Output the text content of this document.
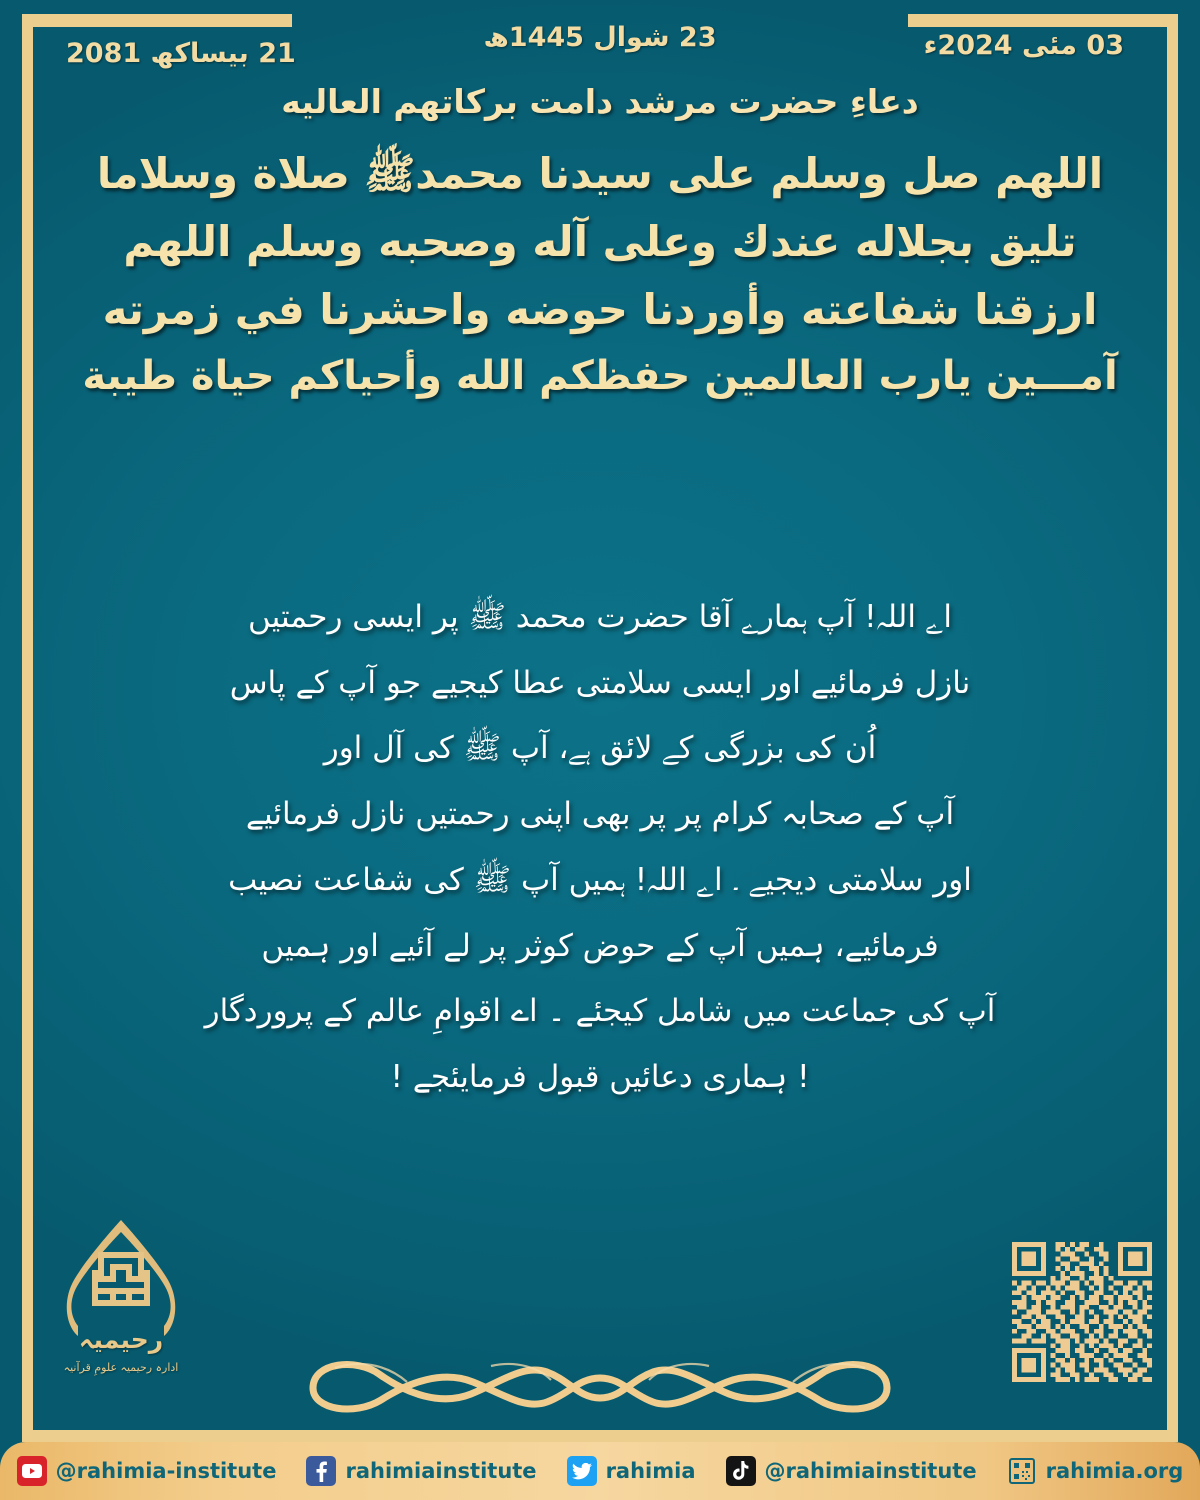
21 بیساکھ 2081
23 شوال 1445ھ	03 مئی 2024ء
دعاءِ حضرت مرشد دامت برکاتهم العالیه
اللهم صل وسلم على سيدنا محمدﷺ صلاة وسلاما
تليق بجلاله عندك وعلى آله وصحبه وسلم اللهم
ارزقنا شفاعته وأوردنا حوضه واحشرنا في زمرته
آمـــين يارب العالمين حفظكم الله وأحياكم حياة طيبة
اے اللہ! آپ ہمارے آقا حضرت محمد ﷺ پر ایسی رحمتیں
نازل فرمائیے اور ایسی سلامتی عطا کیجیے جو آپ کے پاس
اُن کی بزرگی کے لائق ہے، آپ ﷺ کی آل اور
آپ کے صحابہ کرام پر پر بھی اپنی رحمتیں نازل فرمائیے
اور سلامتی دیجیے ۔ اے اللہ! ہمیں آپ ﷺ کی شفاعت نصیب
فرمائیے، ہمیں آپ کے حوض کوثر پر لے آئیے اور ہمیں
آپ کی جماعت میں شامل کیجئے ۔ اے اقوامِ عالم کے پروردگار
! ہماری دعائیں قبول فرمایئجے !
رحیمیہ
ادارہ رحیمیہ علومِ قرآنیہ
@rahimia-institute	rahimiainstitute	rahimia	@rahimiainstitute	rahimia.org
